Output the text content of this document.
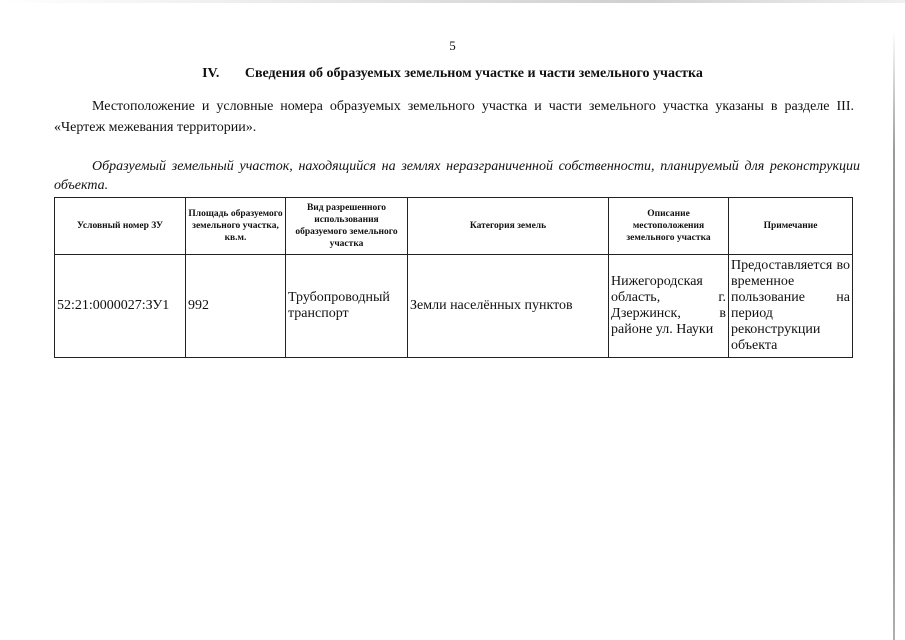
5
IV. Сведения об образуемых земельном участке и части земельного участка
Местоположение и условные номера образуемых земельного участка и части земельного участка указаны в разделе III. «Чертеж межевания территории».
Образуемый земельный участок, находящийся на землях неразграниченной собственности, планируемый для реконструкции объекта.
Условный номер ЗУ	Площадь образуемого земельного участка, кв.м.	Вид разрешенного использования образуемого земельного участка	Категория земель	Описание местоположения земельного участка	Примечание
52:21:0000027:ЗУ1	992	Трубопроводный транспорт	Земли населённых пунктов	Нижегородская область, г. Дзержинск, в районе ул. Науки	Предоставляется во временное пользование на период реконструкции объекта
